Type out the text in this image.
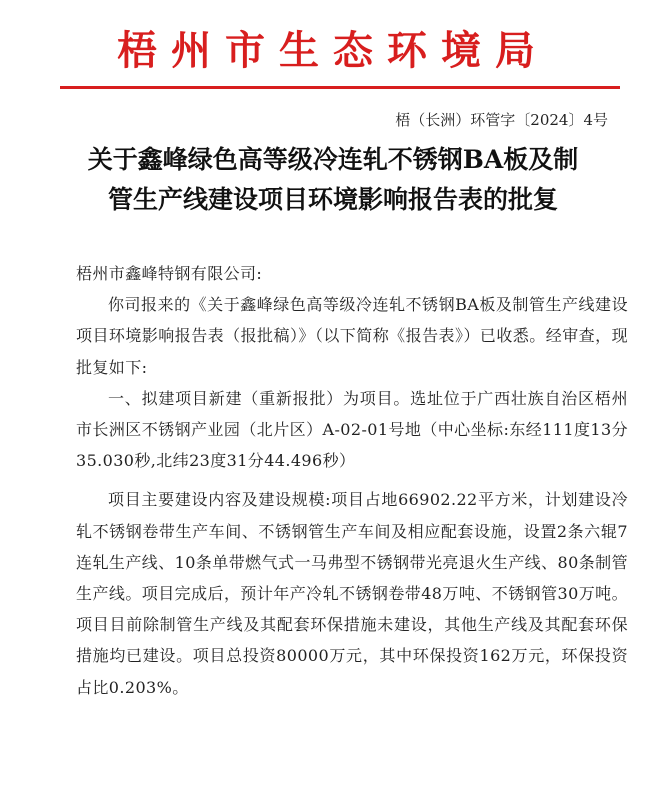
梧州市生态环境局
梧（长洲）环管字〔2024〕4号
关于鑫峰绿色高等级冷连轧不锈钢BA板及制
管生产线建设项目环境影响报告表的批复

梧州市鑫峰特钢有限公司:

你司报来的《关于鑫峰绿色高等级冷连轧不锈钢BA板及制管生产线建设项目环境影响报告表（报批稿）》（以下简称《报告表》）已收悉。经审查，现批复如下:

一、拟建项目新建（重新报批）为项目。选址位于广西壮族自治区梧州市长洲区不锈钢产业园（北片区）A-02-01号地（中心坐标:东经111度13分35.030秒,北纬23度31分44.496秒）

项目主要建设内容及建设规模:项目占地66902.22平方米，计划建设冷轧不锈钢卷带生产车间、不锈钢管生产车间及相应配套设施，设置2条六辊7连轧生产线、10条单带燃气式一马弗型不锈钢带光亮退火生产线、80条制管生产线。项目完成后，预计年产冷轧不锈钢卷带48万吨、不锈钢管30万吨。项目目前除制管生产线及其配套环保措施未建设，其他生产线及其配套环保措施均已建设。项目总投资80000万元，其中环保投资162万元，环保投资占比0.203%。
